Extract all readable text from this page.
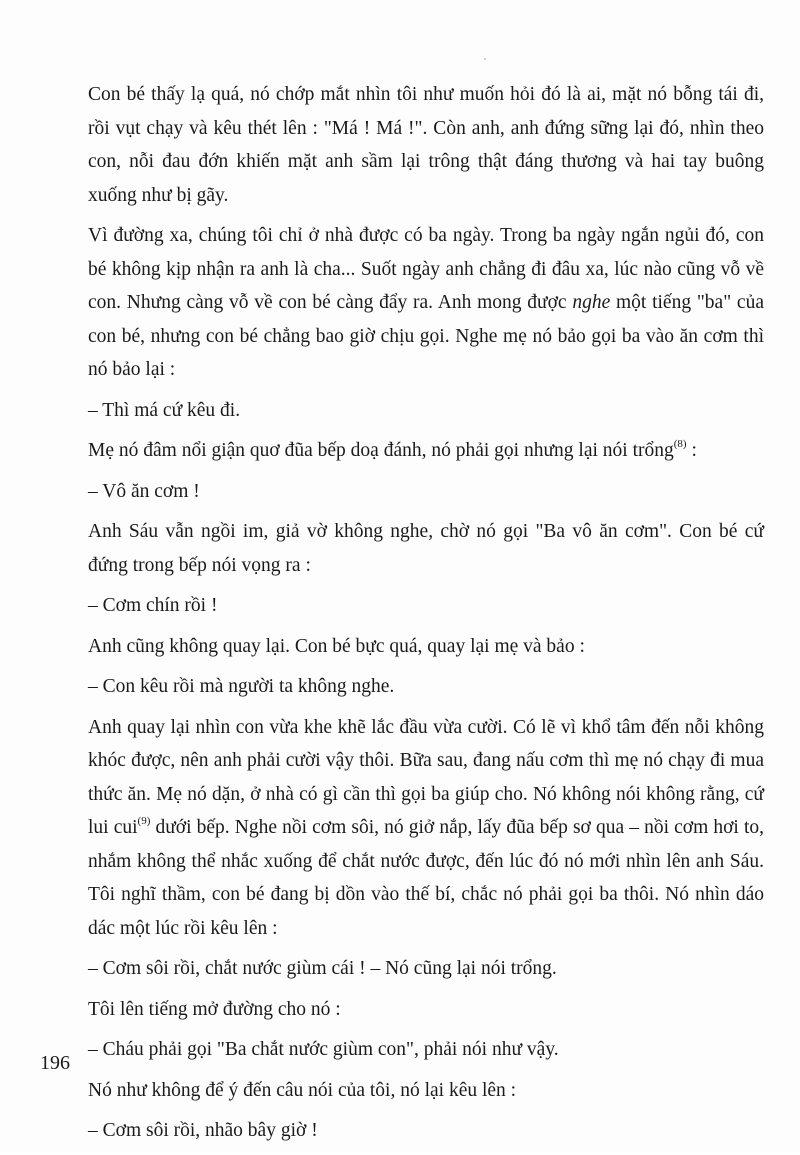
Con bé thấy lạ quá, nó chớp mắt nhìn tôi như muốn hỏi đó là ai, mặt nó bỗng tái đi, rồi vụt chạy và kêu thét lên : "Má ! Má !". Còn anh, anh đứng sững lại đó, nhìn theo con, nỗi đau đớn khiến mặt anh sầm lại trông thật đáng thương và hai tay buông xuống như bị gãy.

Vì đường xa, chúng tôi chỉ ở nhà được có ba ngày. Trong ba ngày ngắn ngủi đó, con bé không kịp nhận ra anh là cha... Suốt ngày anh chẳng đi đâu xa, lúc nào cũng vỗ về con. Nhưng càng vỗ về con bé càng đẩy ra. Anh mong được nghe một tiếng "ba" của con bé, nhưng con bé chẳng bao giờ chịu gọi. Nghe mẹ nó bảo gọi ba vào ăn cơm thì nó bảo lại :

– Thì má cứ kêu đi.

Mẹ nó đâm nổi giận quơ đũa bếp doạ đánh, nó phải gọi nhưng lại nói trổng$^{(8)}$ :

– Vô ăn cơm !

Anh Sáu vẫn ngồi im, giả vờ không nghe, chờ nó gọi "Ba vô ăn cơm". Con bé cứ đứng trong bếp nói vọng ra :

– Cơm chín rồi !

Anh cũng không quay lại. Con bé bực quá, quay lại mẹ và bảo :

– Con kêu rồi mà người ta không nghe.

Anh quay lại nhìn con vừa khe khẽ lắc đầu vừa cười. Có lẽ vì khổ tâm đến nỗi không khóc được, nên anh phải cười vậy thôi. Bữa sau, đang nấu cơm thì mẹ nó chạy đi mua thức ăn. Mẹ nó dặn, ở nhà có gì cần thì gọi ba giúp cho. Nó không nói không rằng, cứ lui cui$^{(9)}$ dưới bếp. Nghe nồi cơm sôi, nó giở nắp, lấy đũa bếp sơ qua – nồi cơm hơi to, nhắm không thể nhắc xuống để chắt nước được, đến lúc đó nó mới nhìn lên anh Sáu. Tôi nghĩ thầm, con bé đang bị dồn vào thế bí, chắc nó phải gọi ba thôi. Nó nhìn dáo dác một lúc rồi kêu lên :

– Cơm sôi rồi, chắt nước giùm cái ! – Nó cũng lại nói trổng.

Tôi lên tiếng mở đường cho nó :

– Cháu phải gọi "Ba chắt nước giùm con", phải nói như vậy.

Nó như không để ý đến câu nói của tôi, nó lại kêu lên :

– Cơm sôi rồi, nhão bây giờ !

196
